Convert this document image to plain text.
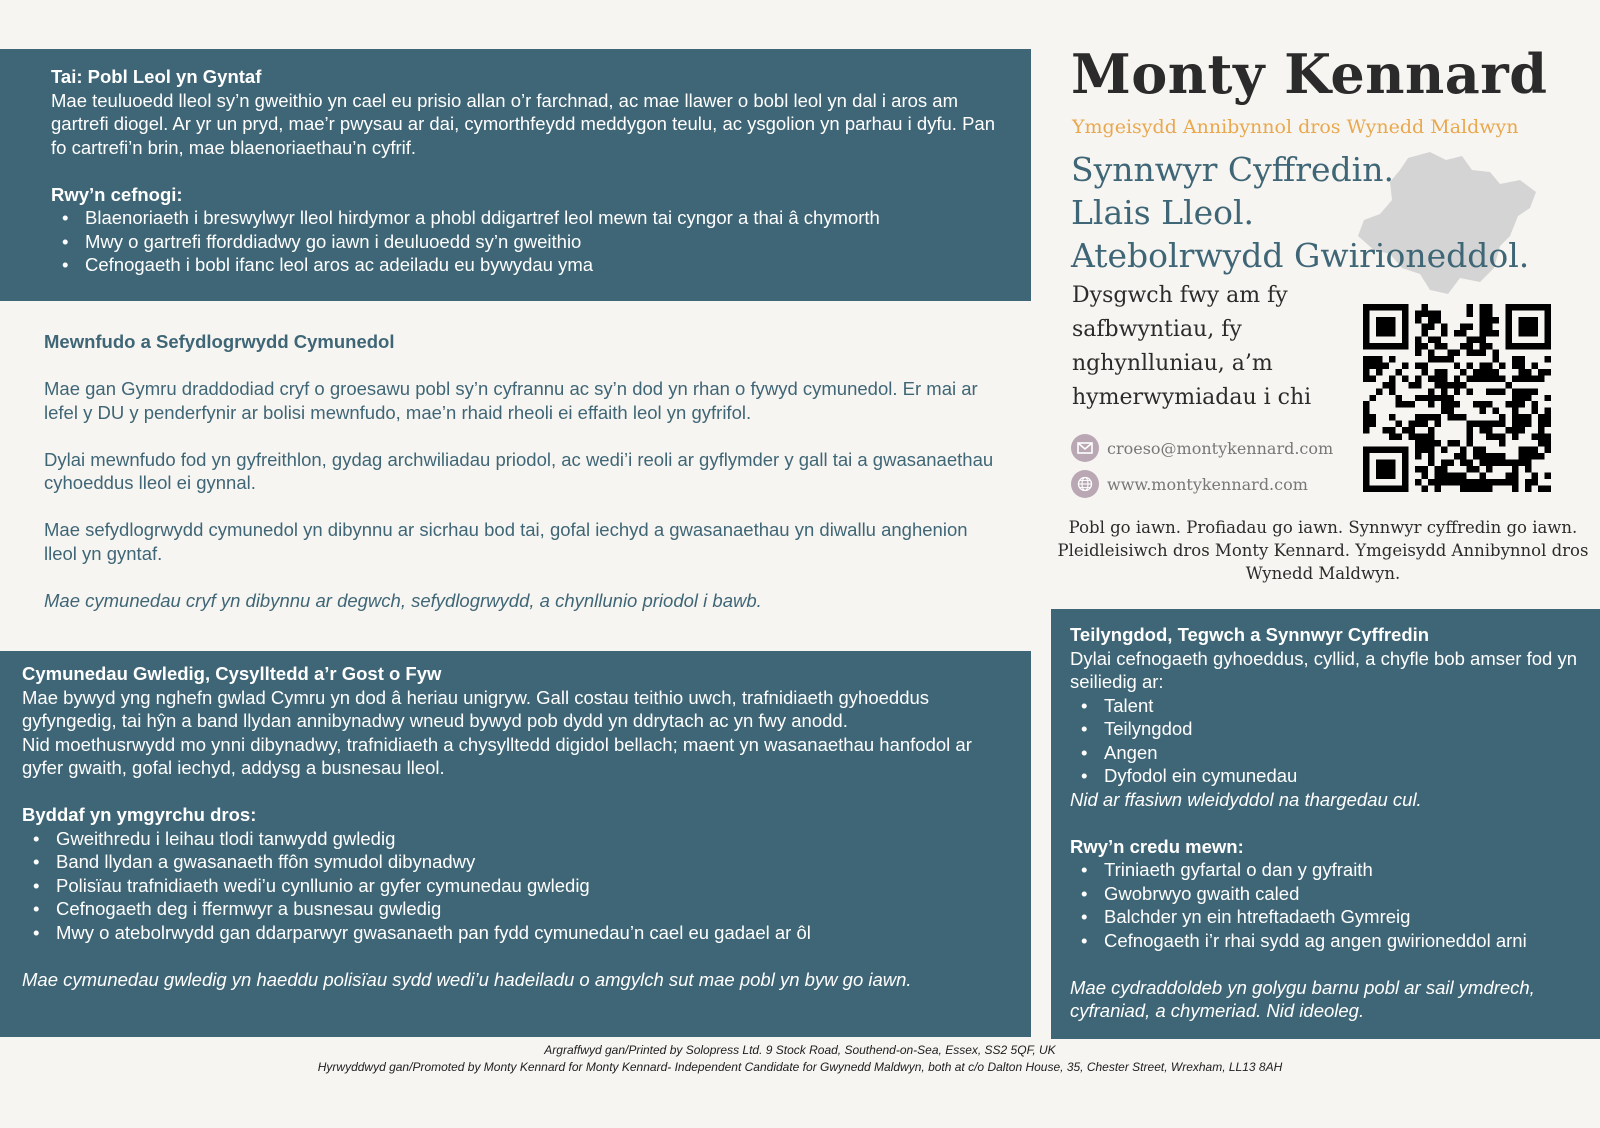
Tai: Pobl Leol yn Gyntaf

Mae teuluoedd lleol sy’n gweithio yn cael eu prisio allan o’r farchnad, ac mae llawer o bobl leol yn dal i aros am gartrefi diogel. Ar yr un pryd, mae’r pwysau ar dai, cymorthfeydd meddygon teulu, ac ysgolion yn parhau i dyfu. Pan fo cartrefi’n brin, mae blaenoriaethau’n cyfrif.

Rwy’n cefnogi:
• Blaenoriaeth i breswylwyr lleol hirdymor a phobl ddigartref leol mewn tai cyngor a thai â chymorth
• Mwy o gartrefi fforddiadwy go iawn i deuluoedd sy’n gweithio
• Cefnogaeth i bobl ifanc leol aros ac adeiladu eu bywydau yma
Mewnfudo a Sefydlogrwydd Cymunedol

Mae gan Gymru draddodiad cryf o groesawu pobl sy’n cyfrannu ac sy’n dod yn rhan o fywyd cymunedol. Er mai ar lefel y DU y penderfynir ar bolisi mewnfudo, mae’n rhaid rheoli ei effaith leol yn gyfrifol.

Dylai mewnfudo fod yn gyfreithlon, gydag archwiliadau priodol, ac wedi’i reoli ar gyflymder y gall tai a gwasanaethau cyhoeddus lleol ei gynnal.

Mae sefydlogrwydd cymunedol yn dibynnu ar sicrhau bod tai, gofal iechyd a gwasanaethau yn diwallu anghenion lleol yn gyntaf.

Mae cymunedau cryf yn dibynnu ar degwch, sefydlogrwydd, a chynllunio priodol i bawb.

Cymunedau Gwledig, Cysylltedd a’r Gost o Fyw

Mae bywyd yng nghefn gwlad Cymru yn dod â heriau unigryw. Gall costau teithio uwch, trafnidiaeth gyhoeddus gyfyngedig, tai hŷn a band llydan annibynadwy wneud bywyd pob dydd yn ddrytach ac yn fwy anodd.

Nid moethusrwydd mo ynni dibynadwy, trafnidiaeth a chysylltedd digidol bellach; maent yn wasanaethau hanfodol ar gyfer gwaith, gofal iechyd, addysg a busnesau lleol.

Byddaf yn ymgyrchu dros:
• Gweithredu i leihau tlodi tanwydd gwledig
• Band llydan a gwasanaeth ffôn symudol dibynadwy
• Polisïau trafnidiaeth wedi’u cynllunio ar gyfer cymunedau gwledig
• Cefnogaeth deg i ffermwyr a busnesau gwledig
• Mwy o atebolrwydd gan ddarparwyr gwasanaeth pan fydd cymunedau’n cael eu gadael ar ôl

Mae cymunedau gwledig yn haeddu polisïau sydd wedi’u hadeiladu o amgylch sut mae pobl yn byw go iawn.

Teilyngdod, Tegwch a Synnwyr Cyffredin

Dylai cefnogaeth gyhoeddus, cyllid, a chyfle bob amser fod yn seiliedig ar:

• Talent
• Teilyngdod
• Angen
• Dyfodol ein cymunedau

Nid ar ffasiwn wleidyddol na thargedau cul.

Rwy’n credu mewn:
• Triniaeth gyfartal o dan y gyfraith
• Gwobrwyo gwaith caled
• Balchder yn ein htreftadaeth Gymreig
• Cefnogaeth i’r rhai sydd ag angen gwirioneddol arni

Mae cydraddoldeb yn golygu barnu pobl ar sail ymdrech, cyfraniad, a chymeriad. Nid ideoleg.

Monty Kennard
Ymgeisydd Annibynnol dros Wynedd Maldwyn
Synnwyr Cyffredin.
Llais Lleol.
Atebolrwydd Gwirioneddol.
Dysgwch fwy am fy safbwyntiau, fy nghynlluniau, a’m hymerwymiadau i chi
croeso@montykennard.com
www.montykennard.com
Pobl go iawn. Profiadau go iawn. Synnwyr cyffredin go iawn. Pleidleisiwch dros Monty Kennard. Ymgeisydd Annibynnol dros Wynedd Maldwyn.
Argraffwyd gan/Printed by Solopress Ltd. 9 Stock Road, Southend-on-Sea, Essex, SS2 5QF, UK
Hyrwyddwyd gan/Promoted by Monty Kennard for Monty Kennard- Independent Candidate for Gwynedd Maldwyn, both at c/o Dalton House, 35, Chester Street, Wrexham, LL13 8AH
